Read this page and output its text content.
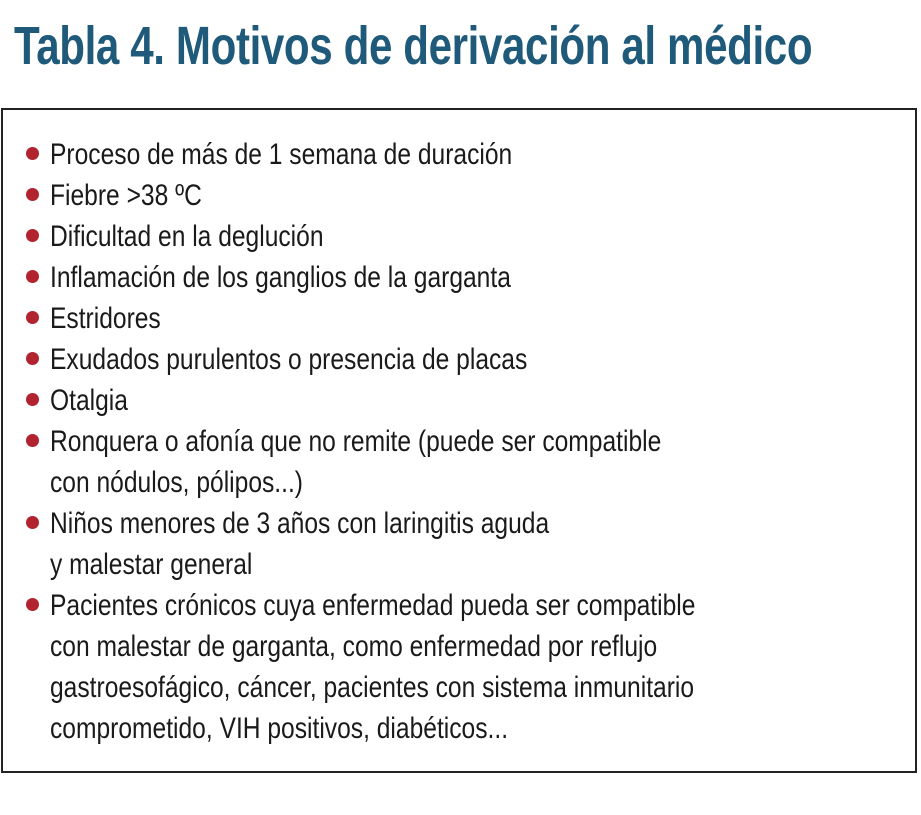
Tabla 4. Motivos de derivación al médico
Proceso de más de 1 semana de duración
Fiebre >38 ºC
Dificultad en la deglución
Inflamación de los ganglios de la garganta
Estridores
Exudados purulentos o presencia de placas
Otalgia
Ronquera o afonía que no remite (puede ser compatible
con nódulos, pólipos...)
Niños menores de 3 años con laringitis aguda
y malestar general
Pacientes crónicos cuya enfermedad pueda ser compatible
con malestar de garganta, como enfermedad por reflujo
gastroesofágico, cáncer, pacientes con sistema inmunitario
comprometido, VIH positivos, diabéticos...
